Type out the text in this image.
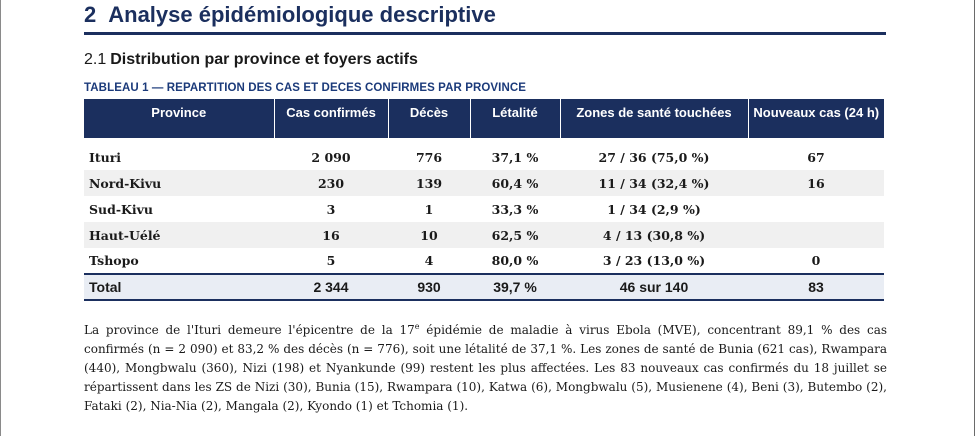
2 Analyse épidémiologique descriptive
2.1 Distribution par province et foyers actifs
TABLEAU 1 — REPARTITION DES CAS ET DECES CONFIRMES PAR PROVINCE
Province	Cas confirmés	Décès	Létalité	Zones de santé touchées	Nouveaux cas (24 h)

Ituri	2 090	776	37,1 %	27 / 36 (75,0 %)	67
Nord-Kivu	230	139	60,4 %	11 / 34 (32,4 %)	16
Sud-Kivu	3	1	33,3 %	1 / 34 (2,9 %)	
Haut-Uélé	16	10	62,5 %	4 / 13 (30,8 %)	
Tshopo	5	4	80,0 %	3 / 23 (13,0 %)	0
Total	2 344	930	39,7 %	46 sur 140	83

La province de l'Ituri demeure l'épicentre de la 17e épidémie de maladie à virus Ebola (MVE), concentrant 89,1 % des cas confirmés (n = 2 090) et 83,2 % des décès (n = 776), soit une létalité de 37,1 %. Les zones de santé de Bunia (621 cas), Rwampara (440), Mongbwalu (360), Nizi (198) et Nyankunde (99) restent les plus affectées. Les 83 nouveaux cas confirmés du 18 juillet se répartissent dans les ZS de Nizi (30), Bunia (15), Rwampara (10), Katwa (6), Mongbwalu (5), Musienene (4), Beni (3), Butembo (2), Fataki (2), Nia-Nia (2), Mangala (2), Kyondo (1) et Tchomia (1).
